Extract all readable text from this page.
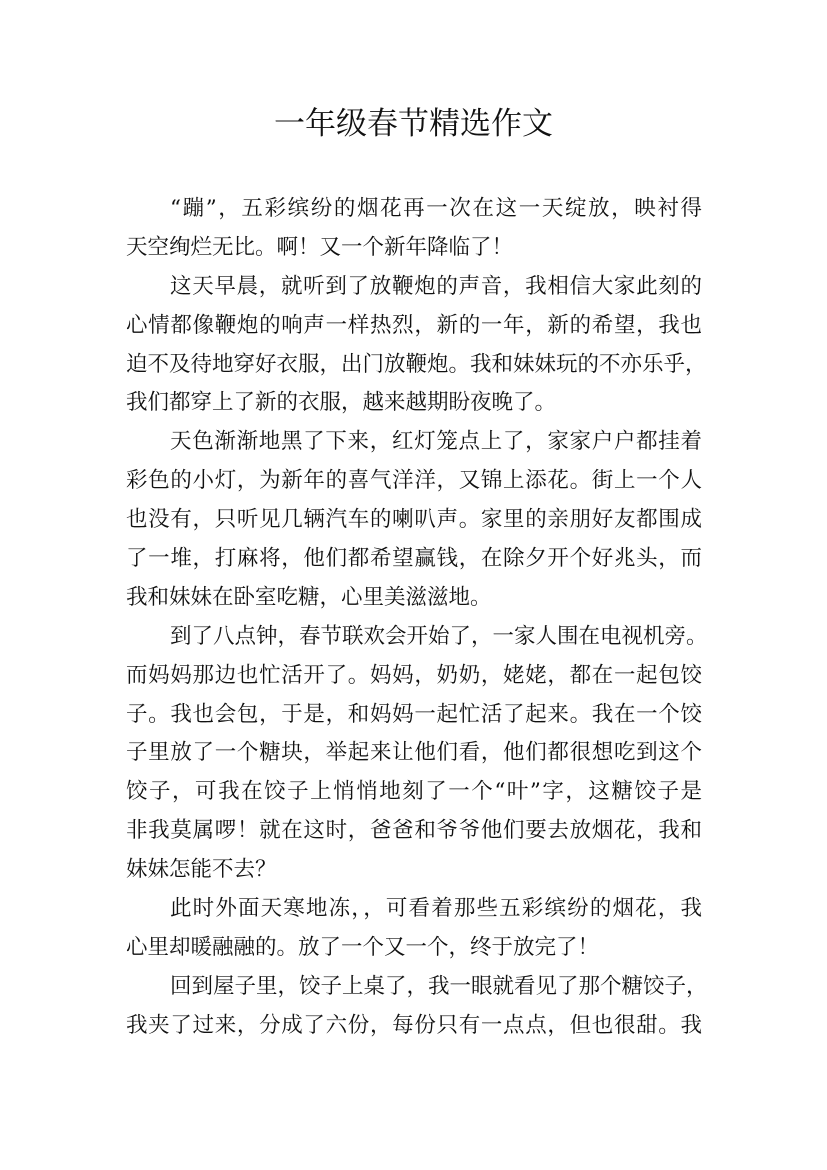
一年级春节精选作文
“蹦”，五彩缤纷的烟花再一次在这一天绽放，映衬得
天空绚烂无比。啊！又一个新年降临了！
这天早晨，就听到了放鞭炮的声音，我相信大家此刻的
心情都像鞭炮的响声一样热烈，新的一年，新的希望，我也
迫不及待地穿好衣服，出门放鞭炮。我和妹妹玩的不亦乐乎，
我们都穿上了新的衣服，越来越期盼夜晚了。
天色渐渐地黑了下来，红灯笼点上了，家家户户都挂着
彩色的小灯，为新年的喜气洋洋，又锦上添花。街上一个人
也没有，只听见几辆汽车的喇叭声。家里的亲朋好友都围成
了一堆，打麻将，他们都希望赢钱，在除夕开个好兆头，而
我和妹妹在卧室吃糖，心里美滋滋地。
到了八点钟，春节联欢会开始了，一家人围在电视机旁。
而妈妈那边也忙活开了。妈妈，奶奶，姥姥，都在一起包饺
子。我也会包，于是，和妈妈一起忙活了起来。我在一个饺
子里放了一个糖块，举起来让他们看，他们都很想吃到这个
饺子，可我在饺子上悄悄地刻了一个“叶”字，这糖饺子是
非我莫属啰！就在这时，爸爸和爷爷他们要去放烟花，我和
妹妹怎能不去？
此时外面天寒地冻，，可看着那些五彩缤纷的烟花，我
心里却暖融融的。放了一个又一个，终于放完了！
回到屋子里，饺子上桌了，我一眼就看见了那个糖饺子，
我夹了过来，分成了六份，每份只有一点点，但也很甜。我
